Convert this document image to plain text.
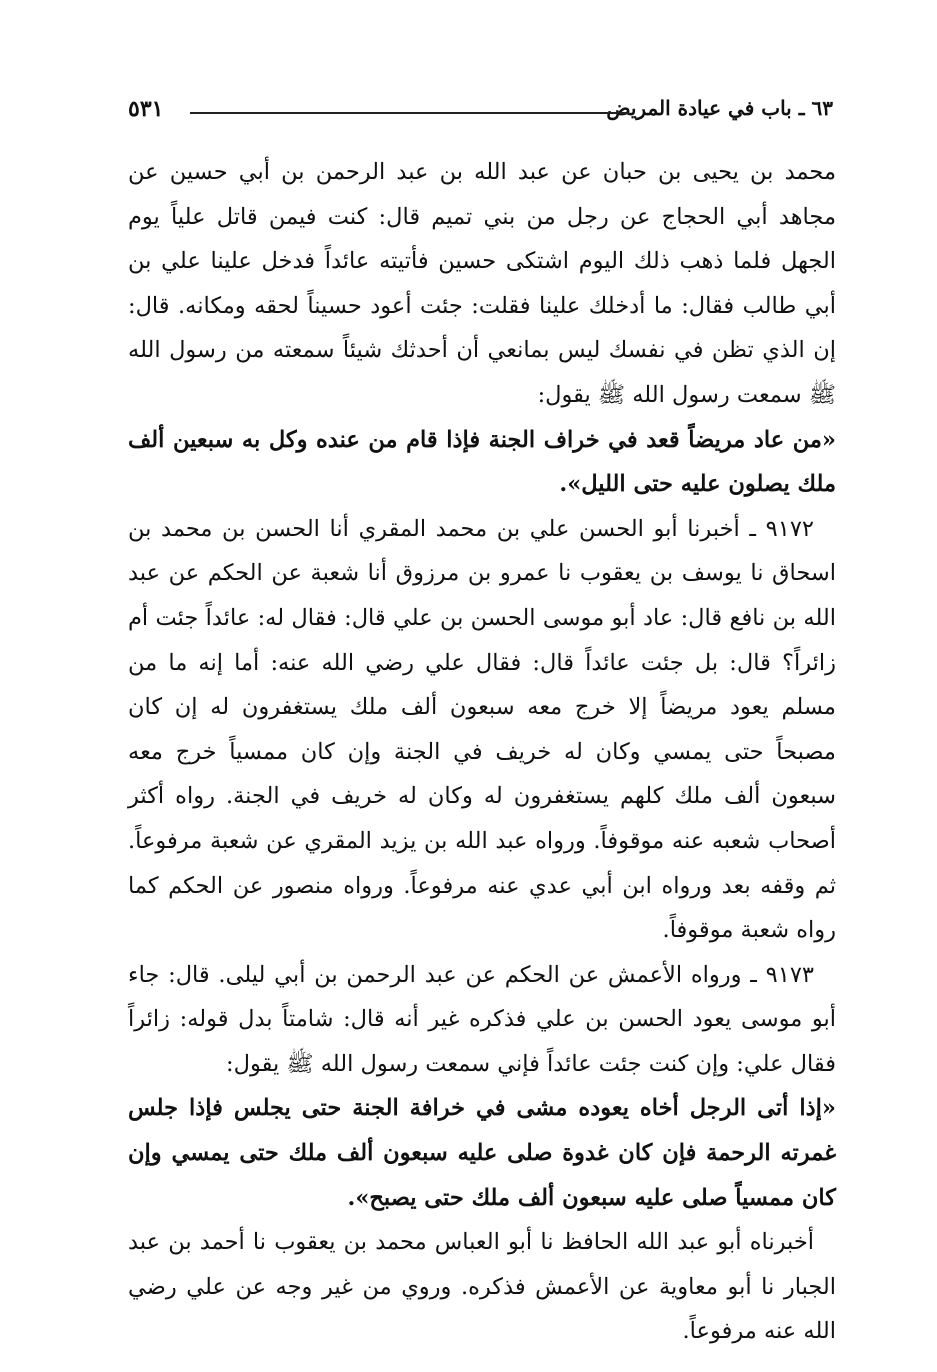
٦٣ ـ باب في عيادة المريض
٥٣١

محمد بن يحيى بن حبان عن عبد الله بن عبد الرحمن بن أبي حسين عن مجاهد أبي الحجاج عن رجل من بني تميم قال: كنت فيمن قاتل علياً يوم الجهل فلما ذهب ذلك اليوم اشتكى حسين فأتيته عائداً فدخل علينا علي بن أبي طالب فقال: ما أدخلك علينا فقلت: جئت أعود حسيناً لحقه ومكانه. قال: إن الذي تظن في نفسك ليس بمانعي أن أحدثك شيئاً سمعته من رسول الله ﷺ سمعت رسول الله ﷺ يقول:

«من عاد مريضاً قعد في خراف الجنة فإذا قام من عنده وكل به سبعين ألف ملك يصلون عليه حتى الليل».

٩١٧٢ ـ أخبرنا أبو الحسن علي بن محمد المقري أنا الحسن بن محمد بن اسحاق نا يوسف بن يعقوب نا عمرو بن مرزوق أنا شعبة عن الحكم عن عبد الله بن نافع قال: عاد أبو موسى الحسن بن علي قال: فقال له: عائداً جئت أم زائراً؟ قال: بل جئت عائداً قال: فقال علي رضي الله عنه: أما إنه ما من مسلم يعود مريضاً إلا خرج معه سبعون ألف ملك يستغفرون له إن كان مصبحاً حتى يمسي وكان له خريف في الجنة وإن كان ممسياً خرج معه سبعون ألف ملك كلهم يستغفرون له وكان له خريف في الجنة. رواه أكثر أصحاب شعبه عنه موقوفاً. ورواه عبد الله بن يزيد المقري عن شعبة مرفوعاً. ثم وقفه بعد ورواه ابن أبي عدي عنه مرفوعاً. ورواه منصور عن الحكم كما رواه شعبة موقوفاً.

٩١٧٣ ـ ورواه الأعمش عن الحكم عن عبد الرحمن بن أبي ليلى. قال: جاء أبو موسى يعود الحسن بن علي فذكره غير أنه قال: شامتاً بدل قوله: زائراً فقال علي: وإن كنت جئت عائداً فإني سمعت رسول الله ﷺ يقول:

«إذا أتى الرجل أخاه يعوده مشى في خرافة الجنة حتى يجلس فإذا جلس غمرته الرحمة فإن كان غدوة صلى عليه سبعون ألف ملك حتى يمسي وإن كان ممسياً صلى عليه سبعون ألف ملك حتى يصبح».

أخبرناه أبو عبد الله الحافظ نا أبو العباس محمد بن يعقوب نا أحمد بن عبد الجبار نا أبو معاوية عن الأعمش فذكره. وروي من غير وجه عن علي رضي الله عنه مرفوعاً.
